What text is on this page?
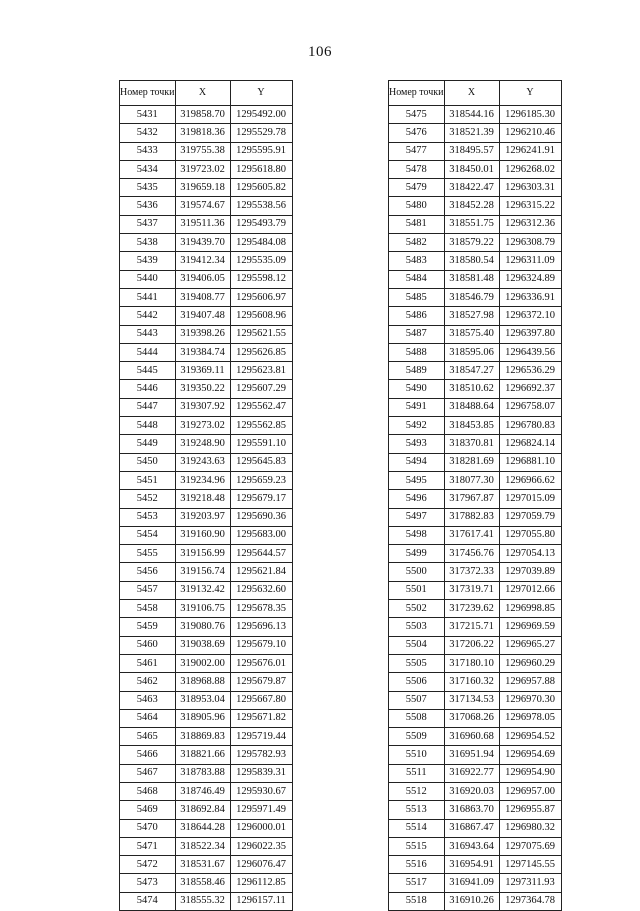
106
Номер точки	X	Y
5431	319858.70	1295492.00
5432	319818.36	1295529.78
5433	319755.38	1295595.91
5434	319723.02	1295618.80
5435	319659.18	1295605.82
5436	319574.67	1295538.56
5437	319511.36	1295493.79
5438	319439.70	1295484.08
5439	319412.34	1295535.09
5440	319406.05	1295598.12
5441	319408.77	1295606.97
5442	319407.48	1295608.96
5443	319398.26	1295621.55
5444	319384.74	1295626.85
5445	319369.11	1295623.81
5446	319350.22	1295607.29
5447	319307.92	1295562.47
5448	319273.02	1295562.85
5449	319248.90	1295591.10
5450	319243.63	1295645.83
5451	319234.96	1295659.23
5452	319218.48	1295679.17
5453	319203.97	1295690.36
5454	319160.90	1295683.00
5455	319156.99	1295644.57
5456	319156.74	1295621.84
5457	319132.42	1295632.60
5458	319106.75	1295678.35
5459	319080.76	1295696.13
5460	319038.69	1295679.10
5461	319002.00	1295676.01
5462	318968.88	1295679.87
5463	318953.04	1295667.80
5464	318905.96	1295671.82
5465	318869.83	1295719.44
5466	318821.66	1295782.93
5467	318783.88	1295839.31
5468	318746.49	1295930.67
5469	318692.84	1295971.49
5470	318644.28	1296000.01
5471	318522.34	1296022.35
5472	318531.67	1296076.47
5473	318558.46	1296112.85
5474	318555.32	1296157.11
Номер точки	X	Y
5475	318544.16	1296185.30
5476	318521.39	1296210.46
5477	318495.57	1296241.91
5478	318450.01	1296268.02
5479	318422.47	1296303.31
5480	318452.28	1296315.22
5481	318551.75	1296312.36
5482	318579.22	1296308.79
5483	318580.54	1296311.09
5484	318581.48	1296324.89
5485	318546.79	1296336.91
5486	318527.98	1296372.10
5487	318575.40	1296397.80
5488	318595.06	1296439.56
5489	318547.27	1296536.29
5490	318510.62	1296692.37
5491	318488.64	1296758.07
5492	318453.85	1296780.83
5493	318370.81	1296824.14
5494	318281.69	1296881.10
5495	318077.30	1296966.62
5496	317967.87	1297015.09
5497	317882.83	1297059.79
5498	317617.41	1297055.80
5499	317456.76	1297054.13
5500	317372.33	1297039.89
5501	317319.71	1297012.66
5502	317239.62	1296998.85
5503	317215.71	1296969.59
5504	317206.22	1296965.27
5505	317180.10	1296960.29
5506	317160.32	1296957.88
5507	317134.53	1296970.30
5508	317068.26	1296978.05
5509	316960.68	1296954.52
5510	316951.94	1296954.69
5511	316922.77	1296954.90
5512	316920.03	1296957.00
5513	316863.70	1296955.87
5514	316867.47	1296980.32
5515	316943.64	1297075.69
5516	316954.91	1297145.55
5517	316941.09	1297311.93
5518	316910.26	1297364.78
